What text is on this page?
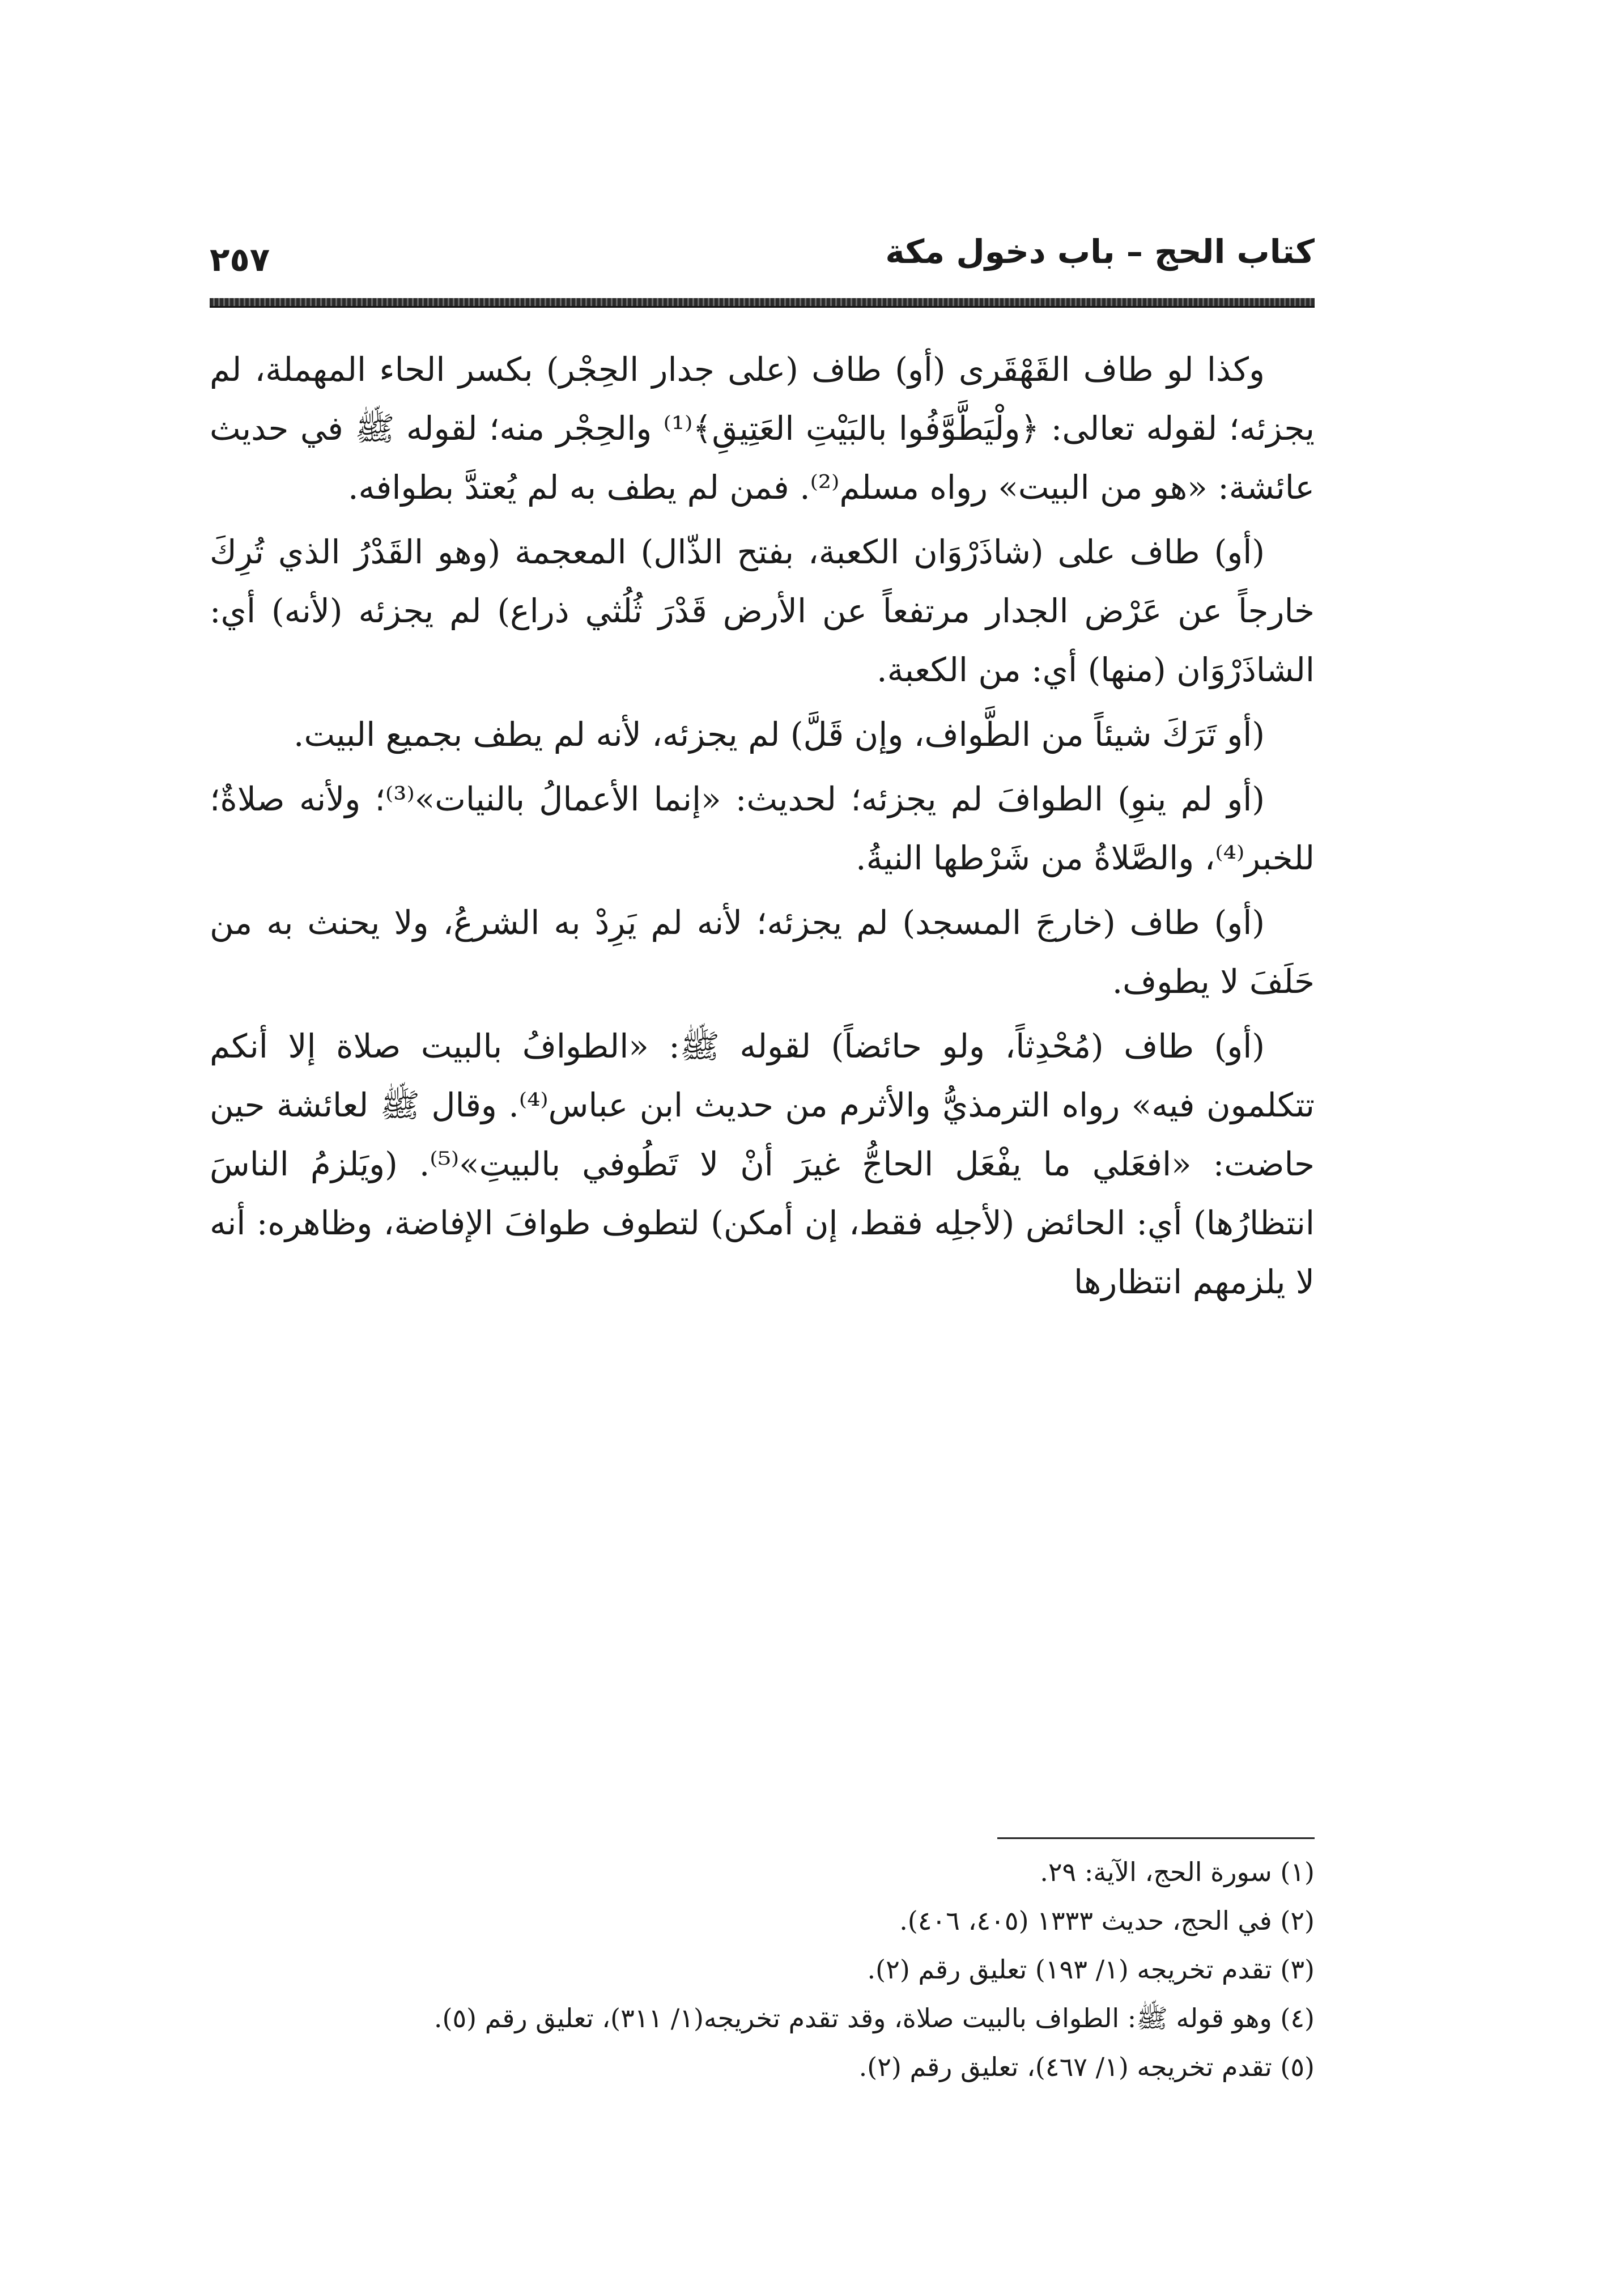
كتاب الحج – باب دخول مكة
٢٥٧

وكذا لو طاف القَهْقَرى (أو) طاف (على جدار الحِجْر) بكسر الحاء المهملة، لم يجزئه؛ لقوله تعالى: ﴿ولْيَطَّوَّفُوا بالبَيْتِ العَتِيقِ﴾⁽¹⁾ والحِجْر منه؛ لقوله ﷺ في حديث عائشة: «هو من البيت» رواه مسلم⁽²⁾. فمن لم يطف به لم يُعتدَّ بطوافه.

(أو) طاف على (شاذَرْوَان الكعبة، بفتح الذّال) المعجمة (وهو القَدْرُ الذي تُرِكَ خارجاً عن عَرْض الجدار مرتفعاً عن الأرض قَدْرَ ثُلُثي ذراع) لم يجزئه (لأنه) أي: الشاذَرْوَان (منها) أي: من الكعبة.

(أو تَرَكَ شيئاً من الطَّواف، وإن قَلَّ) لم يجزئه، لأنه لم يطف بجميع البيت.

(أو لم ينوِ) الطوافَ لم يجزئه؛ لحديث: «إنما الأعمالُ بالنيات»⁽³⁾؛ ولأنه صلاةٌ؛ للخبر⁽⁴⁾، والصَّلاةُ من شَرْطها النيةُ.

(أو) طاف (خارجَ المسجد) لم يجزئه؛ لأنه لم يَرِدْ به الشرعُ، ولا يحنث به من حَلَفَ لا يطوف.

(أو) طاف (مُحْدِثاً، ولو حائضاً) لقوله ﷺ: «الطوافُ بالبيت صلاة إلا أنكم تتكلمون فيه» رواه الترمذيُّ والأثرم من حديث ابن عباس⁽⁴⁾. وقال ﷺ لعائشة حين حاضت: «افعَلي ما يفْعَل الحاجُّ غيرَ أنْ لا تَطُوفي بالبيتِ»⁽⁵⁾. (ويَلزمُ الناسَ انتظارُها) أي: الحائض (لأجلِه فقط، إن أمكن) لتطوف طوافَ الإفاضة، وظاهره: أنه لا يلزمهم انتظارها

(١) سورة الحج، الآية: ٢٩.
(٢) في الحج، حديث ١٣٣٣ (٤٠٥، ٤٠٦).
(٣) تقدم تخريجه (١/ ١٩٣) تعليق رقم (٢).
(٤) وهو قوله ﷺ: الطواف بالبيت صلاة، وقد تقدم تخريجه(١/ ٣١١)، تعليق رقم (٥).
(٥) تقدم تخريجه (١/ ٤٦٧)، تعليق رقم (٢).
